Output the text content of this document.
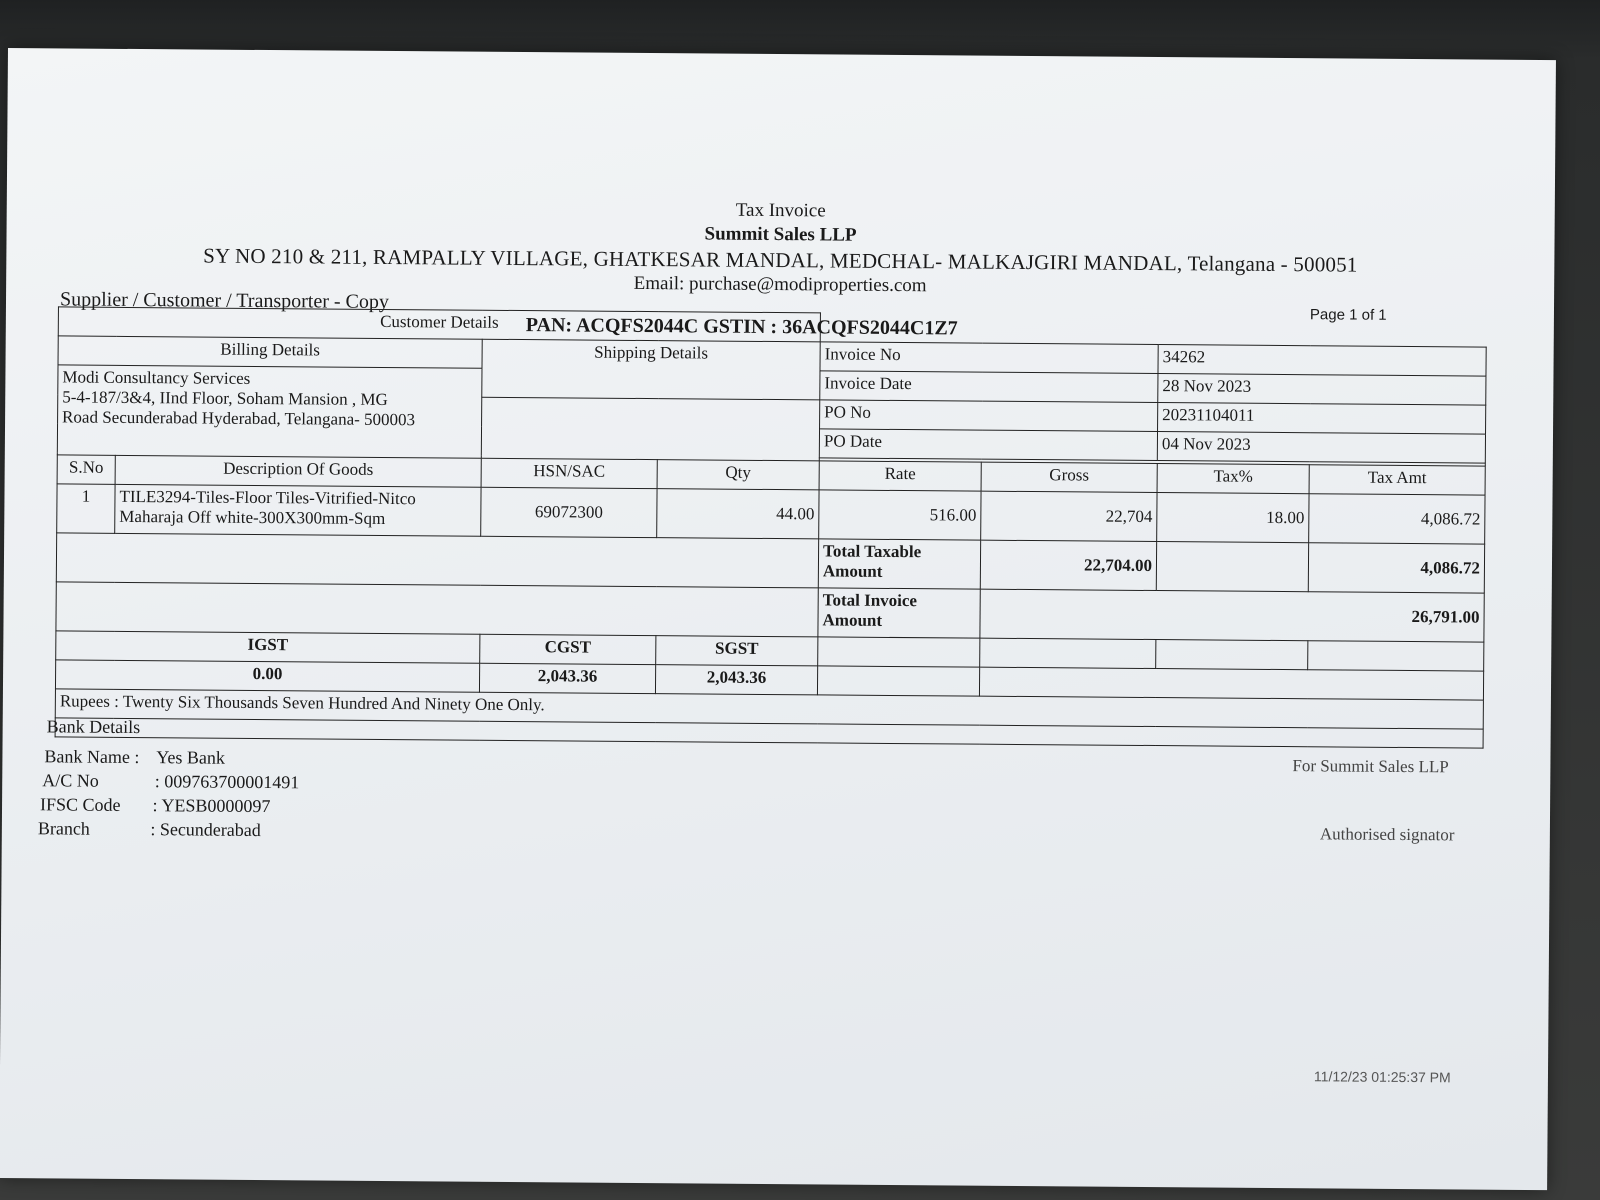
Tax Invoice
Summit Sales LLP
SY NO 210 & 211, RAMPALLY VILLAGE, GHATKESAR MANDAL, MEDCHAL- MALKAJGIRI MANDAL, Telangana - 500051
Email: purchase@modiproperties.com
Supplier / Customer / Transporter - Copy
PAN: ACQFS2044C GSTIN : 36ACQFS2044C1Z7	Page 1 of 1
Customer Details							
Billing Details		Shipping Details		Invoice No		34262	

Modi Consultancy Services
5-4-187/3&4, IInd Floor, Soham Mansion , MG
Road Secunderabad Hyderabad, Telangana- 500003				Invoice Date		28 Nov 2023	
				PO No		20231104011	
				PO Date		04 Nov 2023	

S.No	Description Of Goods	HSN/SAC	Qty	Rate	Gross	Tax%	Tax Amt
1	TILE3294-Tiles-Floor Tiles-Vitrified-Nitco
Maharaja Off white-300X300mm-Sqm	69072300	44.00	516.00	22,704	18.00	4,086.72

				Total Taxable
Amount	22,704.00		4,086.72

				Total Invoice
Amount	26,791.00		
IGST		CGST	SGST				
0.00		2,043.36	2,043.36				
Rupees : Twenty Six Thousands Seven Hundred And Ninety One Only.							

Bank Details
Bank Name : Yes Bank
A/C No	: 009763700001491
IFSC Code : YESB0000097
Branch	: Secunderabad
For Summit Sales LLP
Authorised signator
11/12/23 01:25:37 PM
